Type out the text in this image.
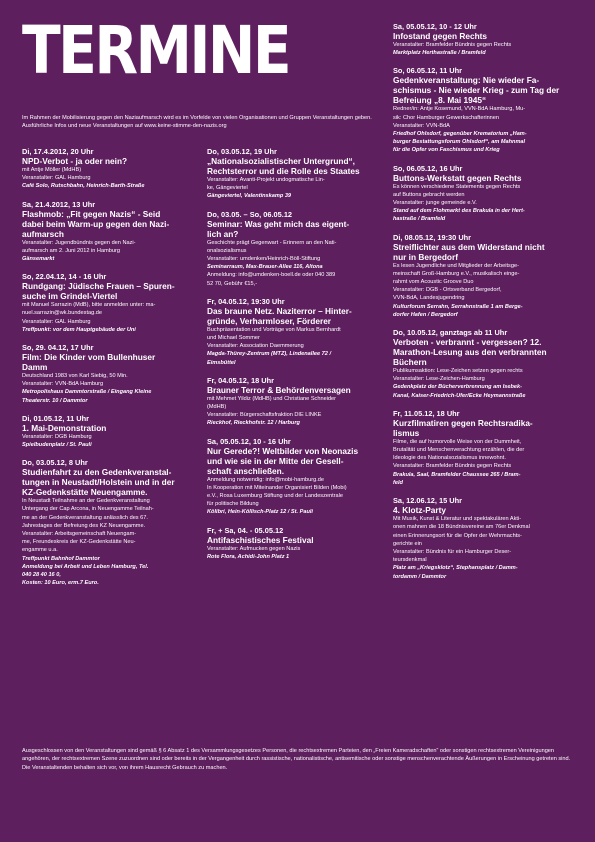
TERMINE
Im Rahmen der Mobilisierung gegen den Naziaufmarsch wird es im Vorfelde von vielen Organisationen und Gruppen Veranstaltungen geben. Ausführliche Infos und neue Veranstaltungen auf www.keine-stimme-den-nazis.org
Di, 17.4.2012, 20 Uhr
NPD-Verbot - ja oder nein?
mit Antje Möller (MdHB)
Veranstalter: GAL Hamburg
Café Solo, Rutschbahn, Heinrich-Barth-Straße
Sa, 21.4.2012, 13 Uhr
Flashmob: „Fit gegen Nazis“ - Seid
dabei beim Warm-up gegen den Nazi-
aufmarsch
Veranstalter: Jugendbündnis gegen den Nazi-
aufmarsch am 2. Juni 2012 in Hamburg
Gänsemarkt
So, 22.04.12, 14 - 16 Uhr
Rundgang: Jüdische Frauen – Spuren-
suche im Grindel-Viertel
mit Manuel Sarrazin (MdB), bitte anmelden unter: ma-
nuel.sarrazin@wk.bundestag.de
Veranstalter: GAL Hamburg
Treffpunkt: vor dem Hauptgebäude der Uni
So, 29. 04.12, 17 Uhr
Film: Die Kinder vom Bullenhuser
Damm
Deutschland 1983 von Karl Siebig, 50 Min.
Veranstalter: VVN-BdA Hamburg
Metropolishaus Dammtorstraße / Eingang Kleine
Theaterstr. 10 / Dammtor
Di, 01.05.12, 11 Uhr
1. Mai-Demonstration
Veranstalter: DGB Hamburg
Spielbudenplatz / St. Pauli
Do, 03.05.12, 8 Uhr
Studienfahrt zu den Gedenkveranstal-
tungen in Neustadt/Holstein und in der
KZ-Gedenkstätte Neuengamme.
In Neustadt Teilnahme an der Gedenkveranstaltung
Untergang der Cap Arcona, in Neuengamme Teilnah-
me an der Gedenkveranstaltung anlässlich des 67.
Jahrestages der Befreiung des KZ Neuengamme.
Veranstalter: Arbeitsgemeinschaft Neuengam-
me, Freundeskreis der KZ-Gedenkstätte Neu-
engamme u.a.
Treffpunkt Bahnhof Dammtor
Anmeldung bei Arbeit und Leben Hamburg, Tel.
040 28 40 16 0,
Kosten: 10 Euro, erm.7 Euro.
Do, 03.05.12, 19 Uhr
„Nationalsozialistischer Untergrund“,
Rechtsterror und die Rolle des Staates
Veranstalter: Avanti-Projekt undogmatische Lin-
ke, Gängeviertel
Gängeviertel, Valentinskamp 39
Do, 03.05. – So, 06.05.12
Seminar: Was geht mich das eigent-
lich an?
Geschichte prägt Gegenwart - Erinnern an den Nati-
onalsozialismus
Veranstalter: umdenken/Heinrich-Böll-Stiftung
Seminarraum, Max-Brauer-Allee 116, Altona
Anmeldung: info@umdenken-boell.de oder 040 389
52 70, Gebühr €15,-
Fr, 04.05.12, 19:30 Uhr
Das braune Netz. Naziterror – Hinter-
gründe, Verharmloser, Förderer
Buchpräsentation und Vorträge von Markus Bernhardt
und Michael Sommer
Veranstalter: Association Daemmerung
Magda-Thürey-Zentrum (MTZ), Lindenallee 72 /
Eimsbüttel
Fr, 04.05.12, 18 Uhr
Brauner Terror & Behördenversagen
mit Mehmet Yildiz (MdHB) und Christiane Schneider
(MdHB)
Veranstalter: Bürgerschaftsfraktion DIE LINKE
Rieckhof, Rieckhofstr. 12 / Harburg
Sa, 05.05.12, 10 - 16 Uhr
Nur Gerede?! Weltbilder von Neonazis
und wie sie in der Mitte der Gesell-
schaft anschließen.
Anmeldung notwendig: info@mobi-hamburg.de
In Kooperation mit Miteinander Organisiert Bilden (Mobi)
e.V., Rosa Luxemburg Stiftung und der Landeszentrale
für politische Bildung
Kölibri, Hein-Köllisch-Platz 12 / St. Pauli
Fr, + Sa, 04. - 05.05.12
Antifaschistisches Festival
Veranstalter: Aufmucken gegen Nazis
Rote Flora, Achidi-John Platz 1
Sa, 05.05.12, 10 - 12 Uhr
Infostand gegen Rechts
Veranstalter: Bramfelder Bündnis gegen Rechts
Marktplatz Herthastraße / Bramfeld
So, 06.05.12, 11 Uhr
Gedenkveranstaltung: Nie wieder Fa-
schismus - Nie wieder Krieg - zum Tag der
Befreiung „8. Mai 1945“
Redner/in: Antje Kosemund, VVN-BdA Hamburg, Mu-
sik: Chor Hamburger Gewerkschafterinnen
Veranstalter: VVN-BdA
Friedhof Ohlsdorf, gegenüber Krematorium „Ham-
burger Bestattungsforum Ohlsdorf“, am Mahnmal
für die Opfer von Faschismus und Krieg
So, 06.05.12, 16 Uhr
Buttons-Werkstatt gegen Rechts
Es können verschiedene Statements gegen Rechts
auf Buttons gebracht werden
Veranstalter: junge gemeinde e.V.
Stand auf dem Flohmarkt des Brakula in der Hert-
hastraße / Bramfeld
Di, 08.05.12, 19:30 Uhr
Streiflichter aus dem Widerstand nicht
nur in Bergedorf
Es lesen Jugendliche und Mitglieder der Arbeitsge-
meinschaft Groß-Hamburg e.V., musikalisch einge-
rahmt vom Acoustic Groove Duo
Veranstalter: DGB - Ortsverband Bergedorf,
VVN-BdA, Landesjugendring
Kulturforum Serrahn, Serrahnstraße 1 am Berge-
dorfer Hafen / Bergedorf
Do, 10.05.12, ganztags ab 11 Uhr
Verboten - verbrannt - vergessen? 12.
Marathon-Lesung aus den verbrannten
Büchern
Publikumsaktion: Lese-Zeichen setzen gegen rechts
Veranstalter: Lese-Zeichen-Hamburg
Gedenkplatz der Bücherverbrennung am Isebek-
Kanal, Kaiser-Friedrich-Ufer/Ecke Heymannstraße
Fr, 11.05.12, 18 Uhr
Kurzfilmatiren gegen Rechtsradika-
lismus
Filme, die auf humorvolle Weise von der Dummheit,
Brutalität und Menschenverachtung erzählen, die der
Ideologie des Nationalsozialismus innewohnt.
Veranstalter: Bramfelder Bündnis gegen Rechts
Brakula, Saal, Bramfelder Chaussee 265 / Bram-
feld
Sa, 12.06.12, 15 Uhr
4. Klotz-Party
Mit Musik, Kunst & Literatur und spektakulären Akti-
onen mahnen die 18 Bündnisvereine am 76er Denkmal
einen Erinnerungsort für die Opfer der Wehrmachts-
gerichte ein
Veranstalter: Bündnis für ein Hamburger Deser-
teursdenkmal
Platz am „Kriegsklotz“, Stephansplatz / Damm-
tordamm / Dammtor
Ausgeschlossen von den Veranstaltungen sind gemäß § 6 Absatz 1 des Versammlungsgesetzes Personen, die rechtsextremen Parteien, den „Freien Kameradschaften“ oder sonstigen rechtsextremen Vereinigungen angehören, der rechtsextremen Szene zuzuordnen sind oder bereits in der Vergangenheit durch rassistische, nationalistische, antisemitische oder sonstige menschenverachtende Äußerungen in Erscheinung getreten sind. Die Veranstaltenden behalten sich vor, von ihrem Hausrecht Gebrauch zu machen.
